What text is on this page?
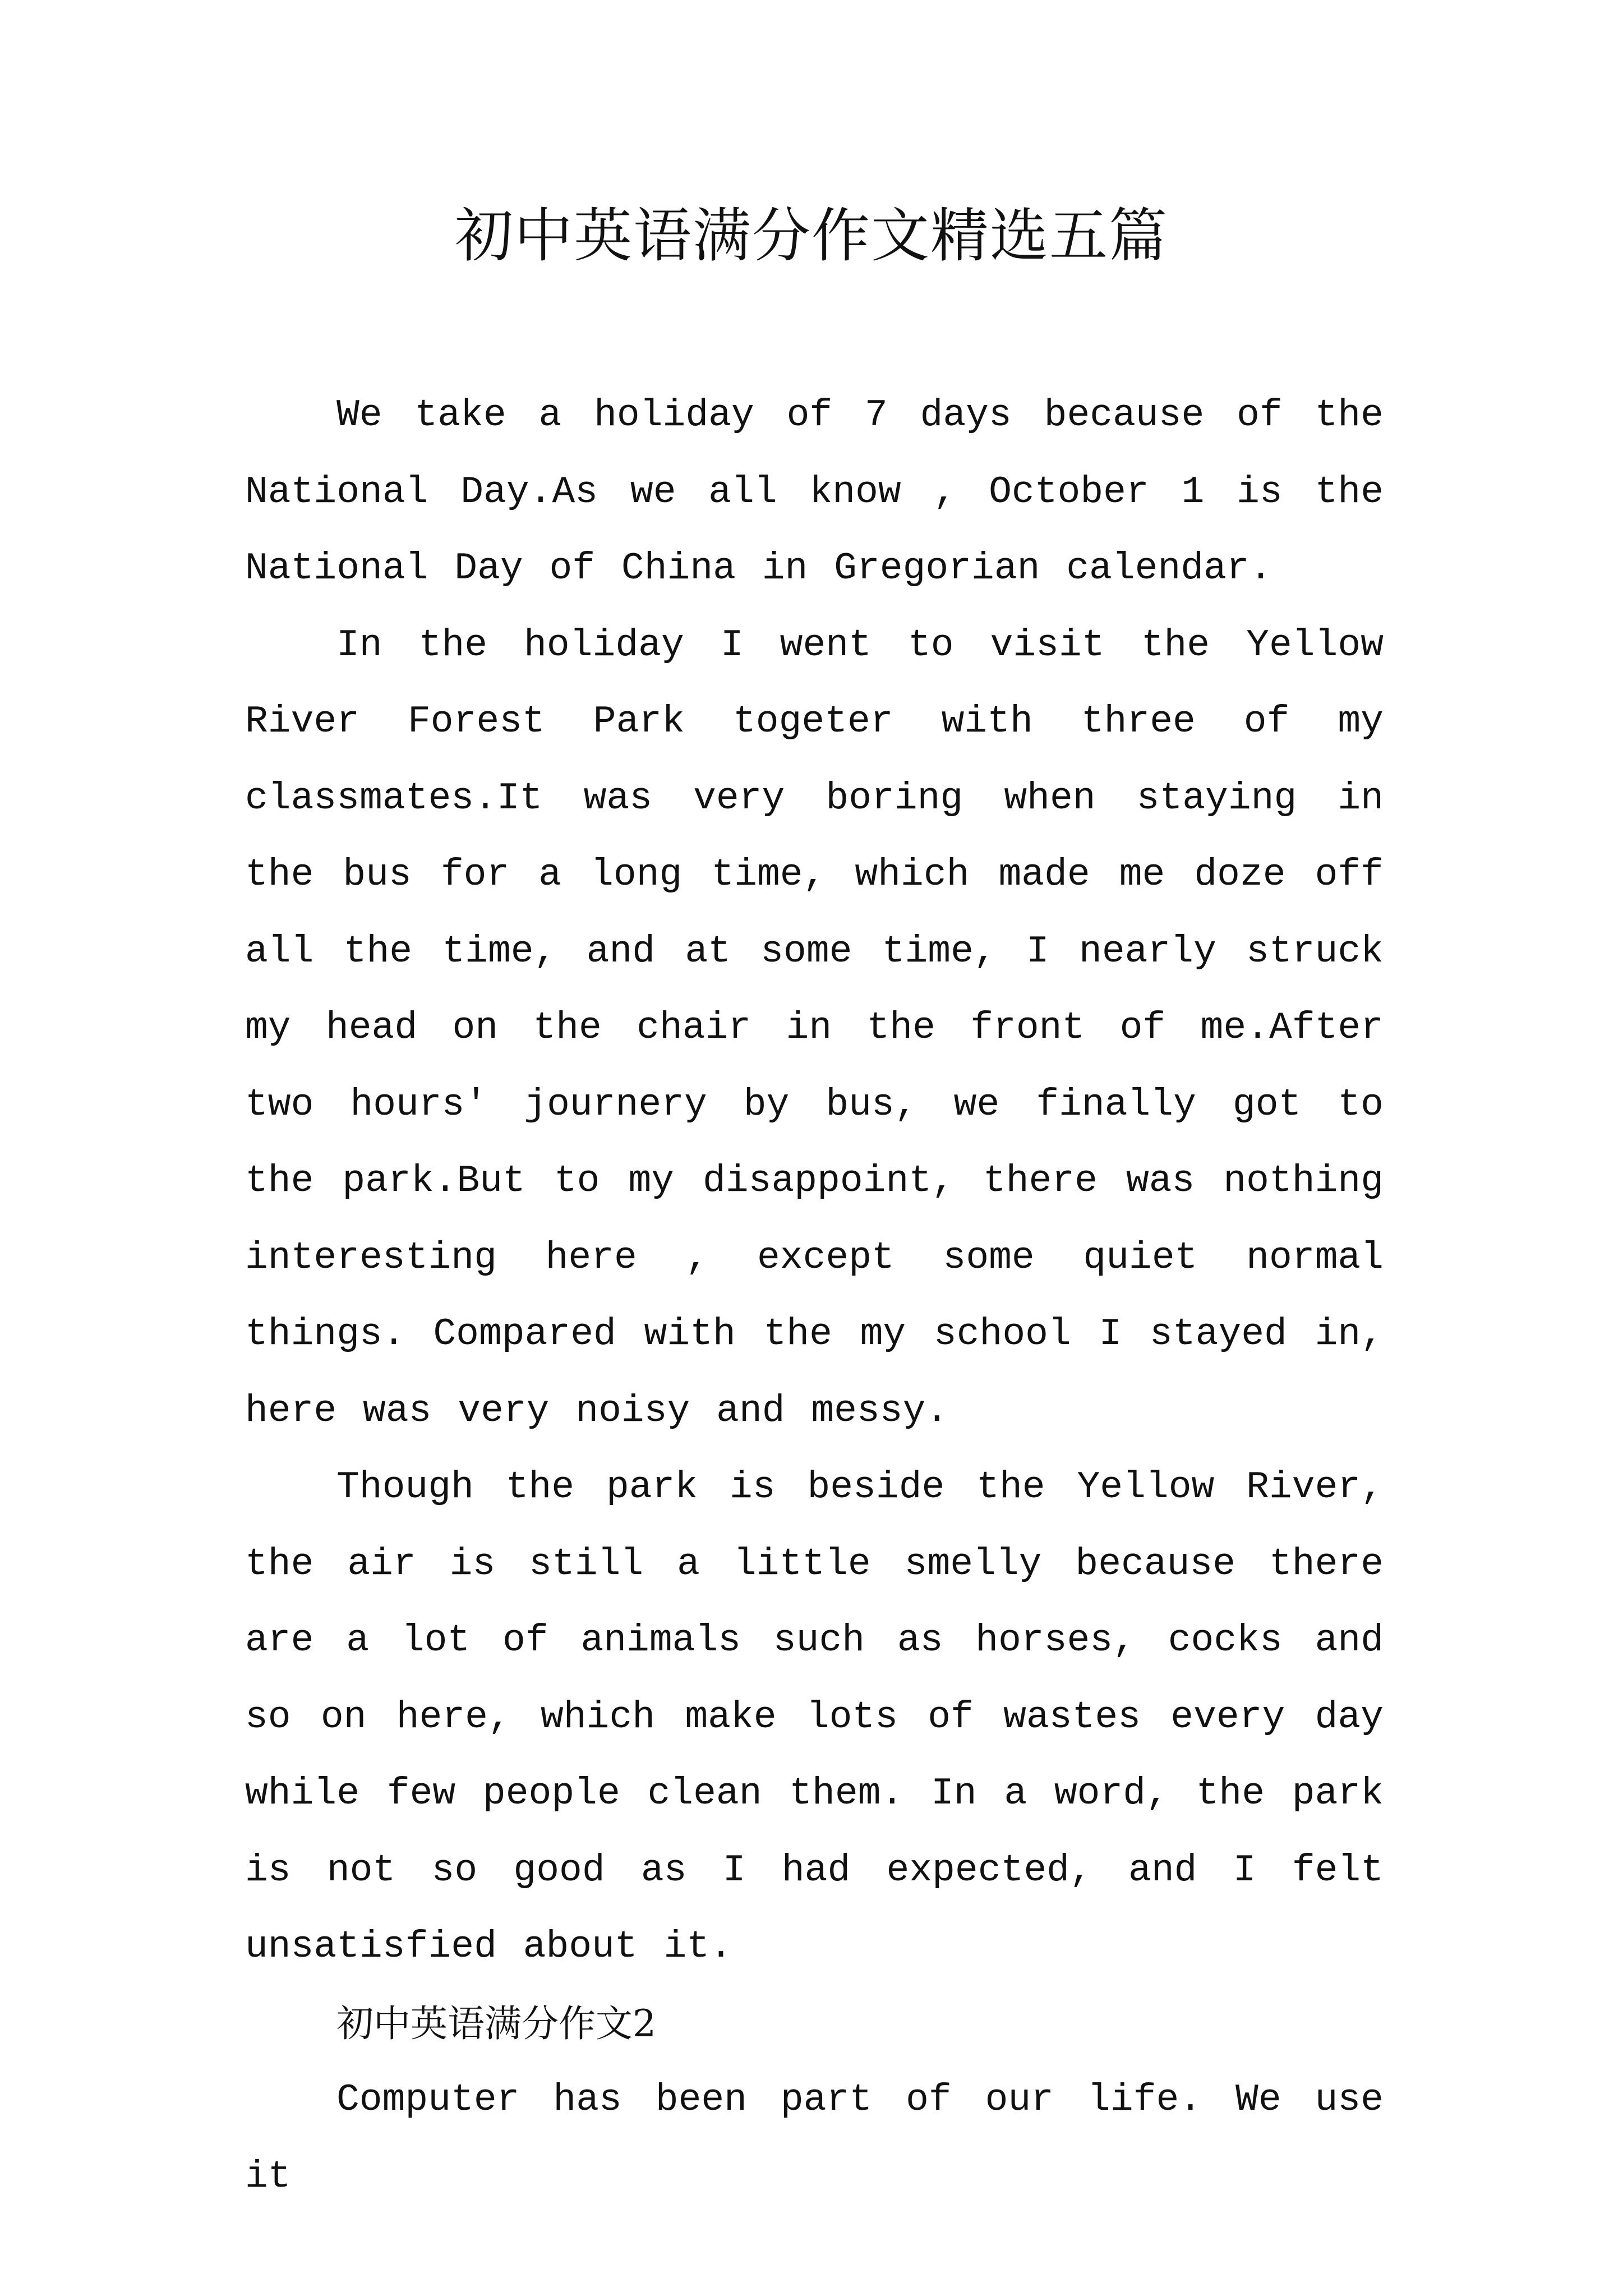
初中英语满分作文精选五篇

We take a holiday of 7 days because of the National Day.As we all know , October 1 is the National Day of China in Gregorian calendar.

In the holiday I went to visit the Yellow River Forest Park togeter with three of my classmates.It was very boring when staying in the bus for a long time, which made me doze off all the time, and at some time, I nearly struck my head on the chair in the front of me.After two hours' journery by bus, we finally got to the park.But to my disappoint, there was nothing interesting here , except some quiet normal things. Compared with the my school I stayed in, here was very noisy and messy.

Though the park is beside the Yellow River, the air is still a little smelly because there are a lot of animals such as horses, cocks and so on here, which make lots of wastes every day while few people clean them. In a word, the park is not so good as I had expected, and I felt unsatisfied about it.

初中英语满分作文2

Computer has been part of our life. We use it
